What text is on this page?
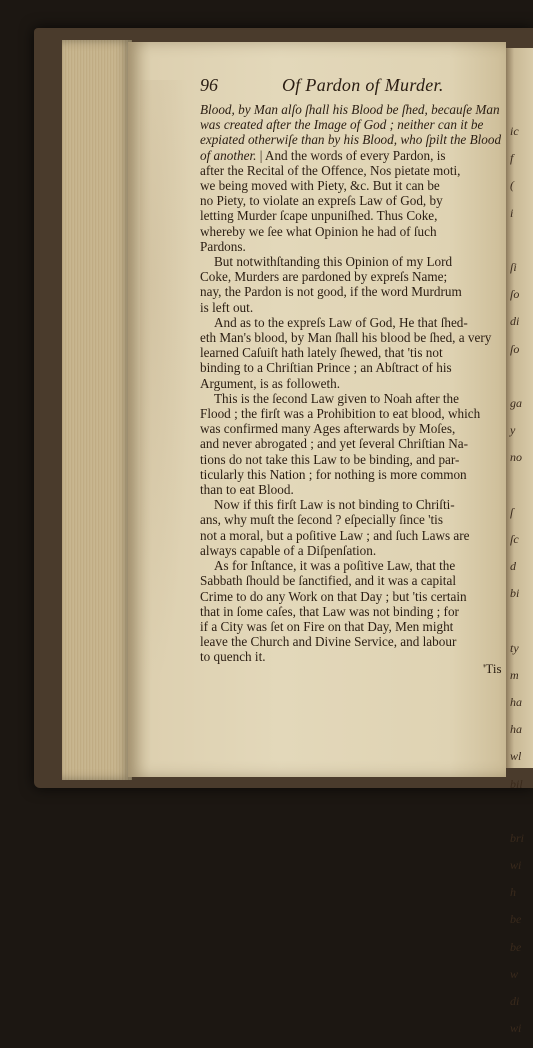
ic
f
(
i
ſi
ſo
di
ſo
ga
y
no
ſ
ſc
d
bi
ty
m
ha
ha
wl
bil
bri
wi
h
be
be
w
di
wi
96	Of Pardon of Murder.
Blood, by Man alſo ſhall his Blood be ſhed, becauſe Man
was created after the Image of God ; neither can it be
expiated otherwiſe than by his Blood, who ſpilt the Blood
of another. | And the words of every Pardon, is
after the Recital of the Offence, Nos pietate moti,
we being moved with Piety, &c. But it can be
no Piety, to violate an expreſs Law of God, by
letting Murder ſcape unpuniſhed. Thus Coke,
whereby we ſee what Opinion he had of ſuch
Pardons.
But notwithſtanding this Opinion of my Lord
Coke, Murders are pardoned by expreſs Name;
nay, the Pardon is not good, if the word Murdrum
is left out.
And as to the expreſs Law of God, He that ſhed-
eth Man's blood, by Man ſhall his blood be ſhed, a very
learned Caſuiſt hath lately ſhewed, that 'tis not
binding to a Chriſtian Prince ; an Abſtract of his
Argument, is as followeth.
This is the ſecond Law given to Noah after the
Flood ; the firſt was a Prohibition to eat blood, which
was confirmed many Ages afterwards by Moſes,
and never abrogated ; and yet ſeveral Chriſtian Na-
tions do not take this Law to be binding, and par-
ticularly this Nation ; for nothing is more common
than to eat Blood.
Now if this firſt Law is not binding to Chriſti-
ans, why muſt the ſecond ? eſpecially ſince 'tis
not a moral, but a poſitive Law ; and ſuch Laws are
always capable of a Diſpenſation.
As for Inſtance, it was a poſitive Law, that the
Sabbath ſhould be ſanctified, and it was a capital
Crime to do any Work on that Day ; but 'tis certain
that in ſome caſes, that Law was not binding ; for
if a City was ſet on Fire on that Day, Men might
leave the Church and Divine Service, and labour
to quench it.
'Tis
